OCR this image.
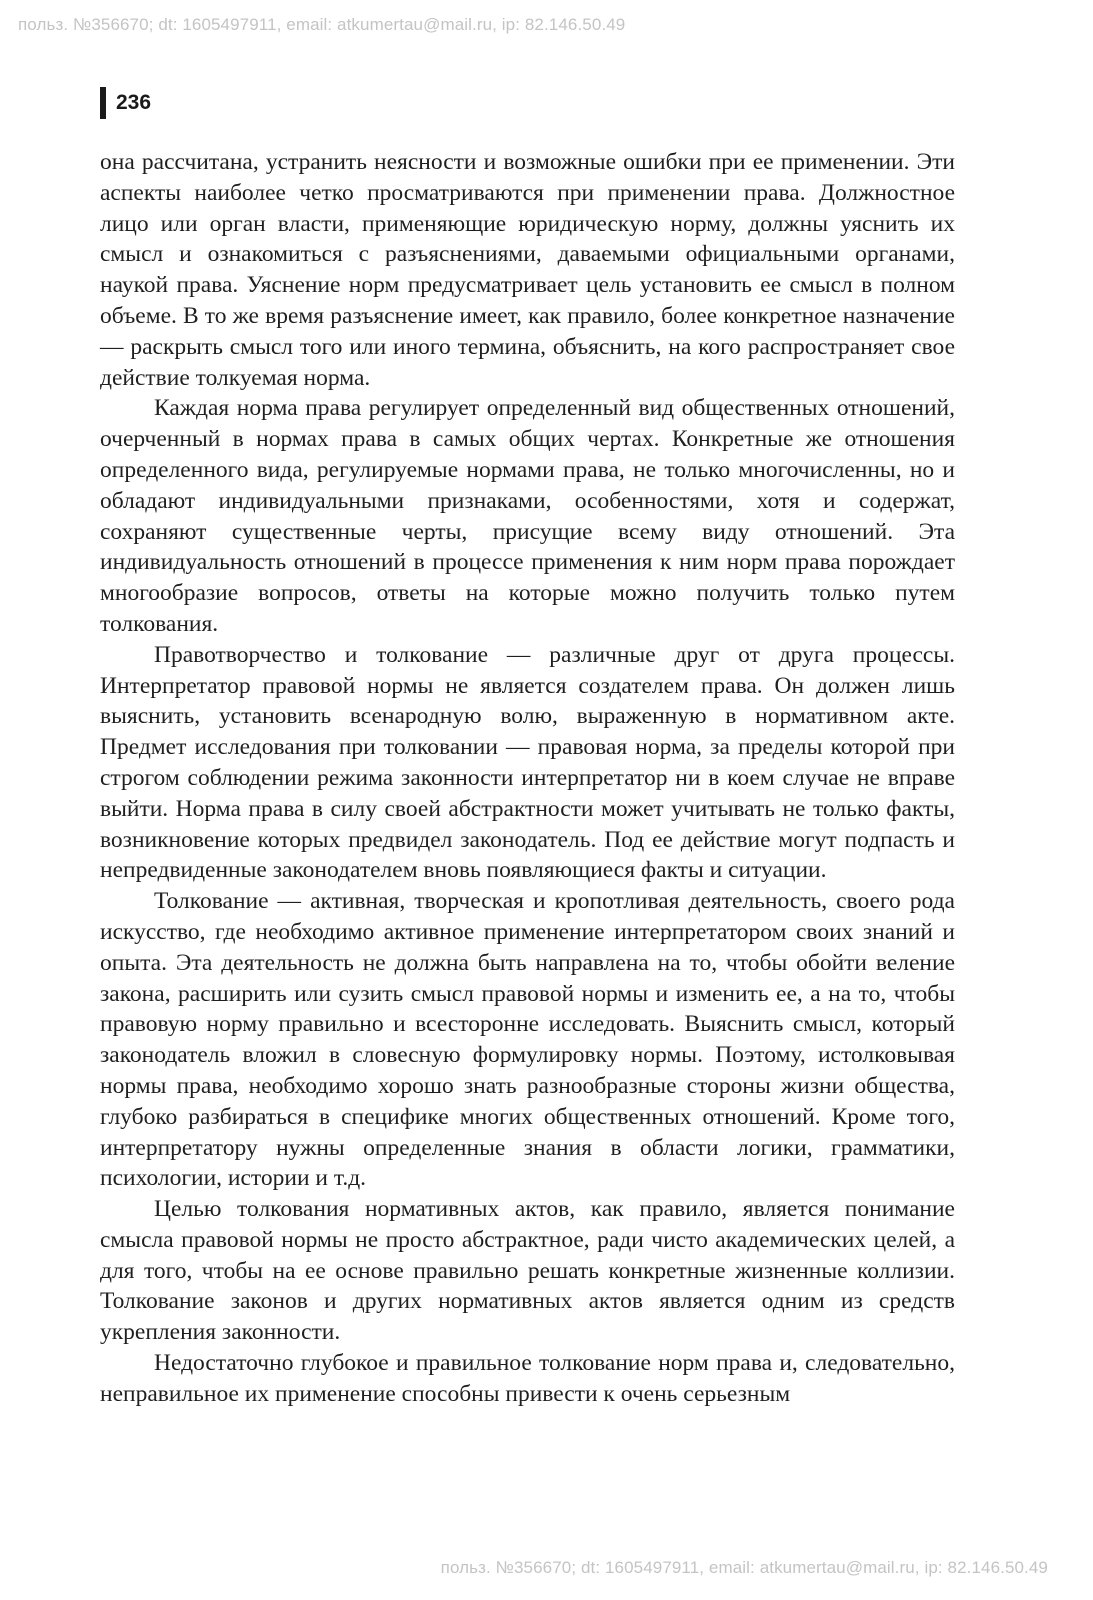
польз. №356670; dt: 1605497911, email: atkumertau@mail.ru, ip: 82.146.50.49
236

она рассчитана, устранить неясности и возможные ошибки при ее применении. Эти аспекты наиболее четко просматриваются при применении права. Должностное лицо или орган власти, применяющие юридическую норму, должны уяснить их смысл и ознакомиться с разъяснениями, даваемыми официальными органами, наукой права. Уяснение норм предусматривает цель установить ее смысл в полном объеме. В то же время разъяснение имеет, как правило, более конкретное назначение — раскрыть смысл того или иного термина, объяснить, на кого распространяет свое действие толкуемая норма.

Каждая норма права регулирует определенный вид общественных отношений, очерченный в нормах права в самых общих чертах. Конкретные же отношения определенного вида, регулируемые нормами права, не только многочисленны, но и обладают индивидуальными признаками, особенностями, хотя и содержат, сохраняют существенные черты, присущие всему виду отношений. Эта индивидуальность отношений в процессе применения к ним норм права порождает многообразие вопросов, ответы на которые можно получить только путем толкования.

Правотворчество и толкование — различные друг от друга процессы. Интерпретатор правовой нормы не является создателем права. Он должен лишь выяснить, установить всенародную волю, выраженную в нормативном акте. Предмет исследования при толковании — правовая норма, за пределы которой при строгом соблюдении режима законности интерпретатор ни в коем случае не вправе выйти. Норма права в силу своей абстрактности может учитывать не только факты, возникновение которых предвидел законодатель. Под ее действие могут подпасть и непредвиденные законодателем вновь появляющиеся факты и ситуации.

Толкование — активная, творческая и кропотливая деятельность, своего рода искусство, где необходимо активное применение интерпретатором своих знаний и опыта. Эта деятельность не должна быть направлена на то, чтобы обойти веление закона, расширить или сузить смысл правовой нормы и изменить ее, а на то, чтобы правовую норму правильно и всесторонне исследовать. Выяснить смысл, который законодатель вложил в словесную формулировку нормы. Поэтому, истолковывая нормы права, необходимо хорошо знать разнообразные стороны жизни общества, глубоко разбираться в специфике многих общественных отношений. Кроме того, интерпретатору нужны определенные знания в области логики, грамматики, психологии, истории и т.д.

Целью толкования нормативных актов, как правило, является понимание смысла правовой нормы не просто абстрактное, ради чисто академических целей, а для того, чтобы на ее основе правильно решать конкретные жизненные коллизии. Толкование законов и других нормативных актов является одним из средств укрепления законности.

Недостаточно глубокое и правильное толкование норм права и, следовательно, неправильное их применение способны привести к очень серьезным

польз. №356670; dt: 1605497911, email: atkumertau@mail.ru, ip: 82.146.50.49
